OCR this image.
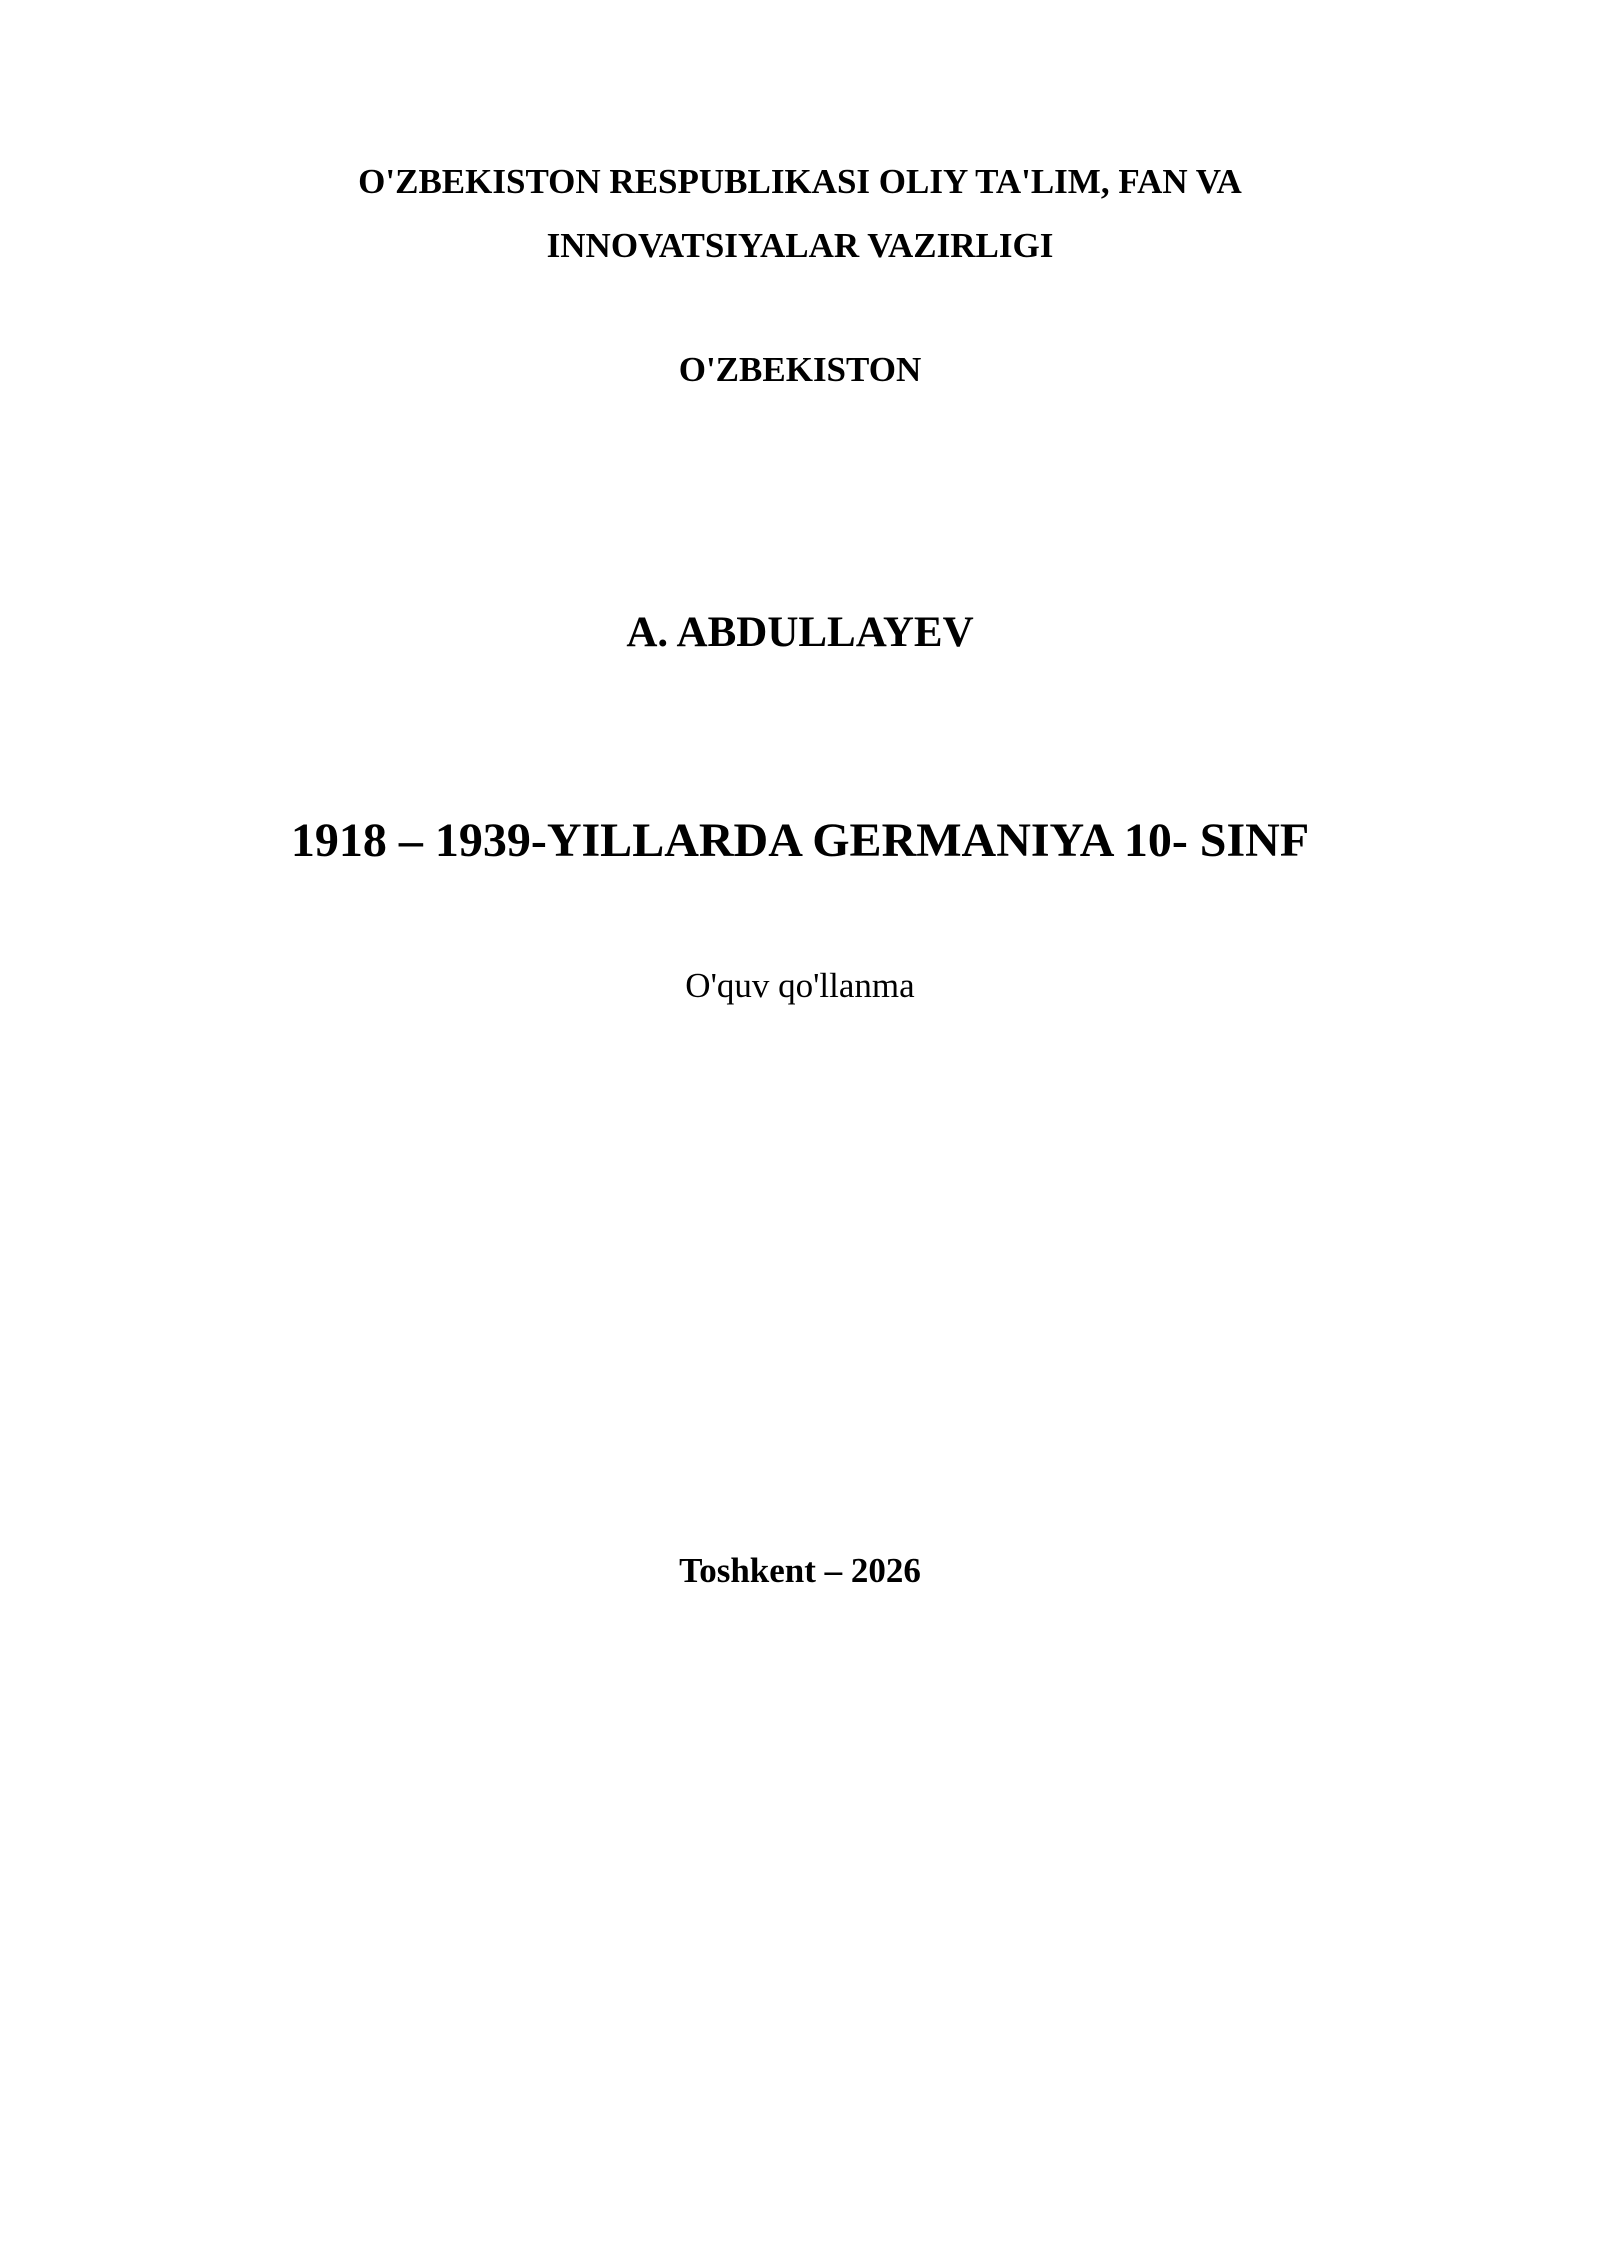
O'ZBEKISTON RESPUBLIKASI OLIY TA'LIM, FAN VA
INNOVATSIYALAR VAZIRLIGI
O'ZBEKISTON
A. ABDULLAYEV
1918 – 1939-YILLARDA GERMANIYA 10- SINF
O'quv qo'llanma
Toshkent – 2026
